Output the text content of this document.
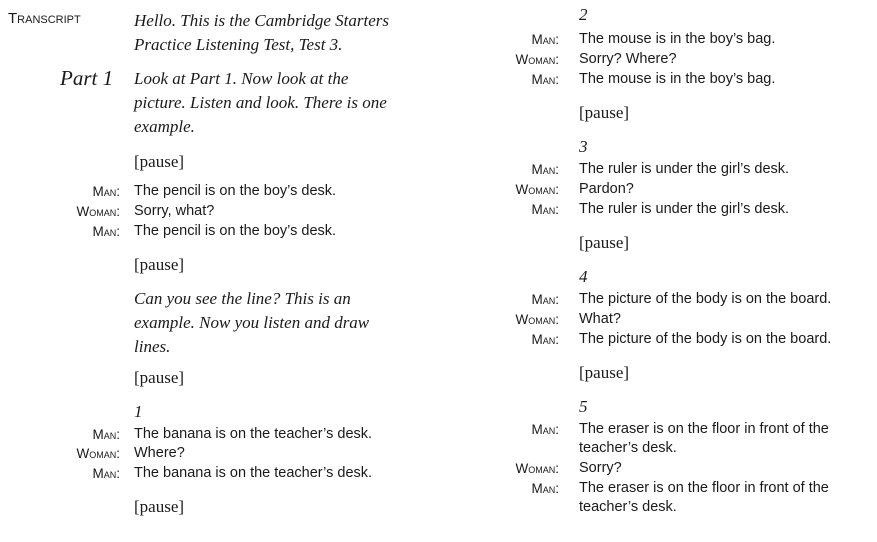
Transcript	Hello. This is the Cambridge Starters
Practice Listening Test, Test 3.
Part 1 Look at Part 1. Now look at the
picture. Listen and look. There is one
example.
[pause]
Man: The pencil is on the boy’s desk.
Woman: Sorry, what?
Man: The pencil is on the boy’s desk.
[pause]
Can you see the line? This is an
example. Now you listen and draw
lines.
[pause]
1
Man: The banana is on the teacher’s desk.
Woman: Where?
Man: The banana is on the teacher’s desk.
[pause]
2
Man: The mouse is in the boy’s bag.
Woman: Sorry? Where?
Man: The mouse is in the boy’s bag.
[pause]
3
Man: The ruler is under the girl’s desk.
Woman: Pardon?
Man: The ruler is under the girl’s desk.
[pause]
4
Man: The picture of the body is on the board.
Woman: What?
Man: The picture of the body is on the board.
[pause]
5
Man: The eraser is on the floor in front of the
teacher’s desk.
Woman: Sorry?
Man: The eraser is on the floor in front of the
teacher’s desk.
